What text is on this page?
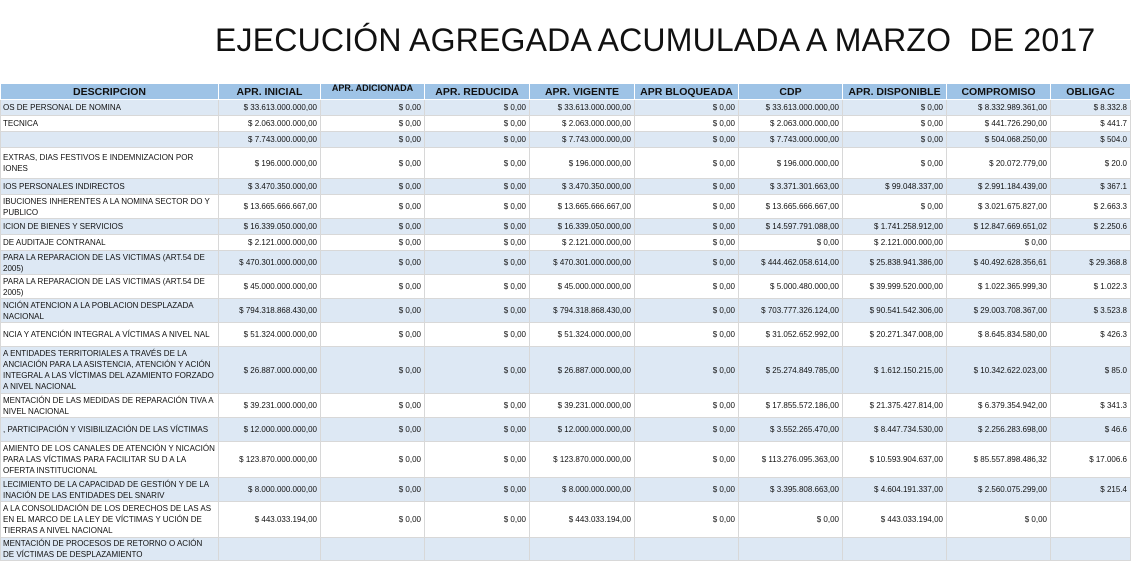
EJECUCIÓN AGREGADA ACUMULADA A MARZO  DE 2017
DESCRIPCION	APR. INICIAL	APR. ADICIONADA	APR. REDUCIDA	APR. VIGENTE	APR BLOQUEADA	CDP	APR. DISPONIBLE	COMPROMISO	OBLIGAC
OS DE PERSONAL DE NOMINA	$ 33.613.000.000,00	$ 0,00	$ 0,00	$ 33.613.000.000,00	$ 0,00	$ 33.613.000.000,00	$ 0,00	$ 8.332.989.361,00	$ 8.332.8
TECNICA	$ 2.063.000.000,00	$ 0,00	$ 0,00	$ 2.063.000.000,00	$ 0,00	$ 2.063.000.000,00	$ 0,00	$ 441.726.290,00	$ 441.7
	$ 7.743.000.000,00	$ 0,00	$ 0,00	$ 7.743.000.000,00	$ 0,00	$ 7.743.000.000,00	$ 0,00	$ 504.068.250,00	$ 504.0
EXTRAS, DIAS FESTIVOS E INDEMNIZACION POR IONES	$ 196.000.000,00	$ 0,00	$ 0,00	$ 196.000.000,00	$ 0,00	$ 196.000.000,00	$ 0,00	$ 20.072.779,00	$ 20.0
IOS PERSONALES INDIRECTOS	$ 3.470.350.000,00	$ 0,00	$ 0,00	$ 3.470.350.000,00	$ 0,00	$ 3.371.301.663,00	$ 99.048.337,00	$ 2.991.184.439,00	$ 367.1
IBUCIONES INHERENTES A LA NOMINA SECTOR DO Y PUBLICO	$ 13.665.666.667,00	$ 0,00	$ 0,00	$ 13.665.666.667,00	$ 0,00	$ 13.665.666.667,00	$ 0,00	$ 3.021.675.827,00	$ 2.663.3
ICION DE BIENES Y SERVICIOS	$ 16.339.050.000,00	$ 0,00	$ 0,00	$ 16.339.050.000,00	$ 0,00	$ 14.597.791.088,00	$ 1.741.258.912,00	$ 12.847.669.651,02	$ 2.250.6
DE AUDITAJE CONTRANAL	$ 2.121.000.000,00	$ 0,00	$ 0,00	$ 2.121.000.000,00	$ 0,00	$ 0,00	$ 2.121.000.000,00	$ 0,00	
PARA LA REPARACION DE LAS VICTIMAS (ART.54 DE 2005)	$ 470.301.000.000,00	$ 0,00	$ 0,00	$ 470.301.000.000,00	$ 0,00	$ 444.462.058.614,00	$ 25.838.941.386,00	$ 40.492.628.356,61	$ 29.368.8
PARA LA REPARACION DE LAS VICTIMAS (ART.54 DE 2005)	$ 45.000.000.000,00	$ 0,00	$ 0,00	$ 45.000.000.000,00	$ 0,00	$ 5.000.480.000,00	$ 39.999.520.000,00	$ 1.022.365.999,30	$ 1.022.3
NCIÓN ATENCION A LA POBLACION DESPLAZADA NACIONAL	$ 794.318.868.430,00	$ 0,00	$ 0,00	$ 794.318.868.430,00	$ 0,00	$ 703.777.326.124,00	$ 90.541.542.306,00	$ 29.003.708.367,00	$ 3.523.8
NCIA Y ATENCIÓN INTEGRAL A VÍCTIMAS A NIVEL NAL	$ 51.324.000.000,00	$ 0,00	$ 0,00	$ 51.324.000.000,00	$ 0,00	$ 31.052.652.992,00	$ 20.271.347.008,00	$ 8.645.834.580,00	$ 426.3
A ENTIDADES TERRITORIALES A TRAVÉS DE LA ANCIACIÓN PARA LA ASISTENCIA, ATENCIÓN Y ACIÓN INTEGRAL A LAS VÍCTIMAS DEL AZAMIENTO FORZADO A NIVEL NACIONAL	$ 26.887.000.000,00	$ 0,00	$ 0,00	$ 26.887.000.000,00	$ 0,00	$ 25.274.849.785,00	$ 1.612.150.215,00	$ 10.342.622.023,00	$ 85.0
MENTACIÓN DE LAS MEDIDAS DE REPARACIÓN TIVA A NIVEL NACIONAL	$ 39.231.000.000,00	$ 0,00	$ 0,00	$ 39.231.000.000,00	$ 0,00	$ 17.855.572.186,00	$ 21.375.427.814,00	$ 6.379.354.942,00	$ 341.3
, PARTICIPACIÓN Y VISIBILIZACIÓN DE LAS VÍCTIMAS	$ 12.000.000.000,00	$ 0,00	$ 0,00	$ 12.000.000.000,00	$ 0,00	$ 3.552.265.470,00	$ 8.447.734.530,00	$ 2.256.283.698,00	$ 46.6
AMIENTO DE LOS CANALES DE ATENCIÓN Y NICACIÓN PARA LAS VÍCTIMAS PARA FACILITAR SU D A LA OFERTA INSTITUCIONAL	$ 123.870.000.000,00	$ 0,00	$ 0,00	$ 123.870.000.000,00	$ 0,00	$ 113.276.095.363,00	$ 10.593.904.637,00	$ 85.557.898.486,32	$ 17.006.6
LECIMIENTO DE LA CAPACIDAD DE GESTIÓN Y DE LA INACIÓN DE LAS ENTIDADES DEL SNARIV	$ 8.000.000.000,00	$ 0,00	$ 0,00	$ 8.000.000.000,00	$ 0,00	$ 3.395.808.663,00	$ 4.604.191.337,00	$ 2.560.075.299,00	$ 215.4
A LA CONSOLIDACIÓN DE LOS DERECHOS DE LAS AS EN EL MARCO DE LA LEY DE VÍCTIMAS Y UCIÓN DE TIERRAS A NIVEL NACIONAL	$ 443.033.194,00	$ 0,00	$ 0,00	$ 443.033.194,00	$ 0,00	$ 0,00	$ 443.033.194,00	$ 0,00	
MENTACIÓN DE PROCESOS DE RETORNO O ACIÓN DE VÍCTIMAS DE DESPLAZAMIENTO									
